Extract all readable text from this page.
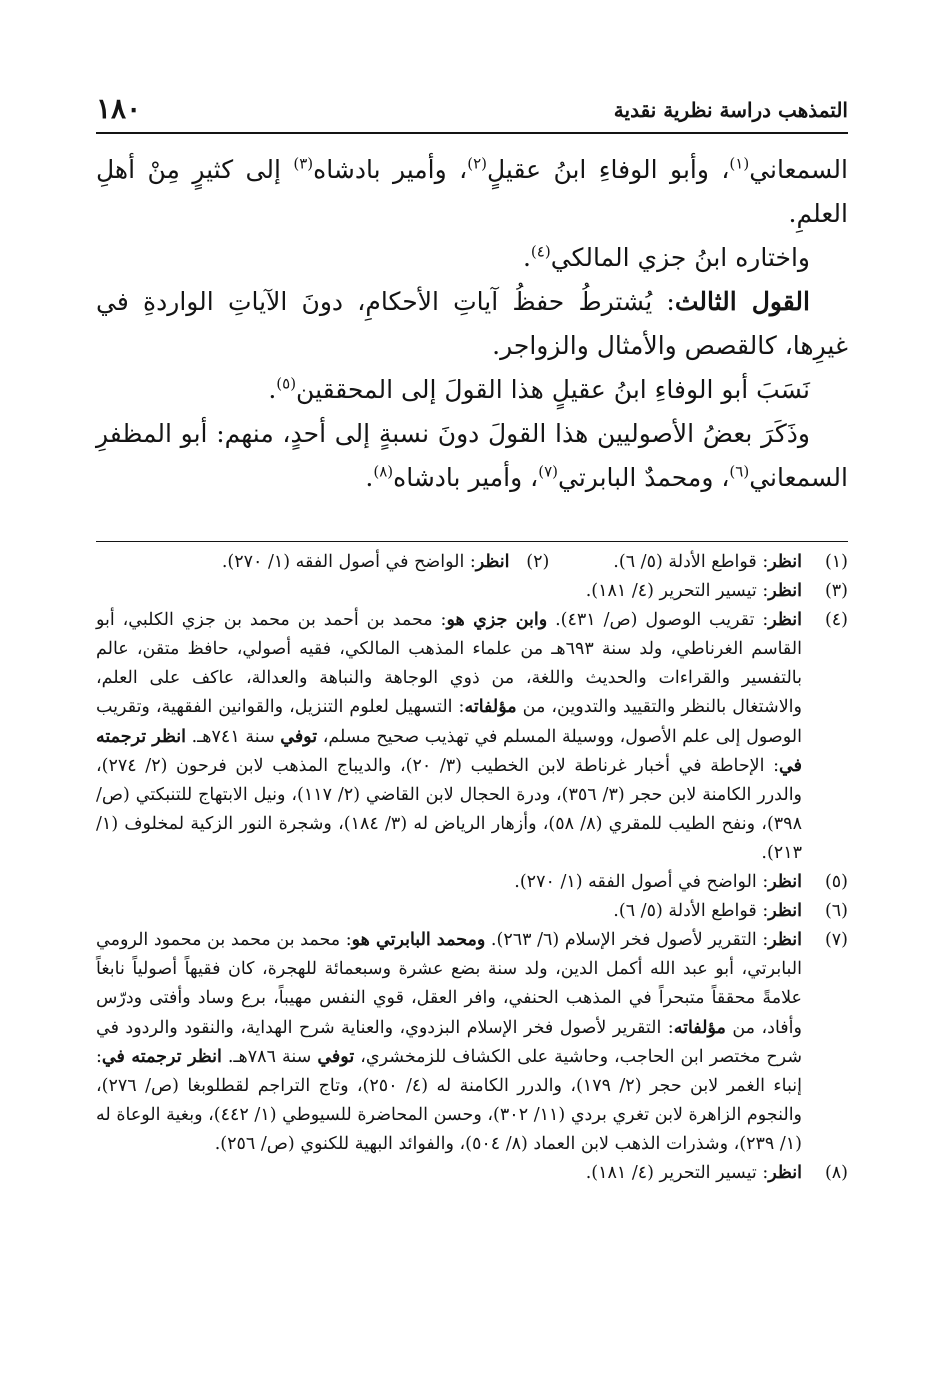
١٨٠	التمذهب دراسة نظرية نقدية

السمعاني$^{(١)}$، وأبو الوفاءِ ابنُ عقيلٍ$^{(٢)}$، وأمير بادشاه$^{(٣)}$ إلى كثيرٍ مِنْ أهلِ العلمِ.

واختاره ابنُ جزي المالكي$^{(٤)}$.

القول الثالث: يُشترطُ حفظُ آياتِ الأحكامِ، دونَ الآياتِ الواردةِ في غيرِها، كالقصص والأمثال والزواجر.

نَسَبَ أبو الوفاءِ ابنُ عقيلٍ هذا القولَ إلى المحققين$^{(٥)}$.

وذَكَرَ بعضُ الأصوليين هذا القولَ دونَ نسبةٍ إلى أحدٍ، منهم: أبو المظفرِ السمعاني$^{(٦)}$، ومحمدٌ البابرتي$^{(٧)}$، وأمير بادشاه$^{(٨)}$.

(١)
انظر: قواطع الأدلة (٥/ ٦).(٢)   انظر: الواضح في أصول الفقه (١/ ٢٧٠).
(٣)
انظر: تيسير التحرير (٤/ ١٨١).
(٤)
انظر: تقريب الوصول (ص/ ٤٣١). وابن جزي هو: محمد بن أحمد بن محمد بن جزي الكلبي، أبو القاسم الغرناطي، ولد سنة ٦٩٣هـ من علماء المذهب المالكي، فقيه أصولي، حافظ متقن، عالم بالتفسير والقراءات والحديث واللغة، من ذوي الوجاهة والنباهة والعدالة، عاكف على العلم، والاشتغال بالنظر والتقييد والتدوين، من مؤلفاته: التسهيل لعلوم التنزيل، والقوانين الفقهية، وتقريب الوصول إلى علم الأصول، ووسيلة المسلم في تهذيب صحيح مسلم، توفي سنة ٧٤١هـ. انظر ترجمته في: الإحاطة في أخبار غرناطة لابن الخطيب (٣/ ٢٠)، والديباج المذهب لابن فرحون (٢/ ٢٧٤)، والدرر الكامنة لابن حجر (٣/ ٣٥٦)، ودرة الحجال لابن القاضي (٢/ ١١٧)، ونيل الابتهاج للتنبكتي (ص/ ٣٩٨)، ونفح الطيب للمقري (٨/ ٥٨)، وأزهار الرياض له (٣/ ١٨٤)، وشجرة النور الزكية لمخلوف (١/ ٢١٣).
(٥)
انظر: الواضح في أصول الفقه (١/ ٢٧٠).
(٦)
انظر: قواطع الأدلة (٥/ ٦).
(٧)
انظر: التقرير لأصول فخر الإسلام (٦/ ٢٦٣). ومحمد البابرتي هو: محمد بن محمد بن محمود الرومي البابرتي، أبو عبد الله أكمل الدين، ولد سنة بضع عشرة وسبعمائة للهجرة، كان فقيهاً أصولياً نابغاً علامةً محققاً متبحراً في المذهب الحنفي، وافر العقل، قوي النفس مهيباً، برع وساد وأفتى ودرّس وأفاد، من مؤلفاته: التقرير لأصول فخر الإسلام البزدوي، والعناية شرح الهداية، والنقود والردود في شرح مختصر ابن الحاجب، وحاشية على الكشاف للزمخشري، توفي سنة ٧٨٦هـ. انظر ترجمته في: إنباء الغمر لابن حجر (٢/ ١٧٩)، والدرر الكامنة له (٤/ ٢٥٠)، وتاج التراجم لقطلوبغا (ص/ ٢٧٦)، والنجوم الزاهرة لابن تغري بردي (١١/ ٣٠٢)، وحسن المحاضرة للسيوطي (١/ ٤٤٢)، وبغية الوعاة له (١/ ٢٣٩)، وشذرات الذهب لابن العماد (٨/ ٥٠٤)، والفوائد البهية للكنوي (ص/ ٢٥٦).
(٨)
انظر: تيسير التحرير (٤/ ١٨١).
